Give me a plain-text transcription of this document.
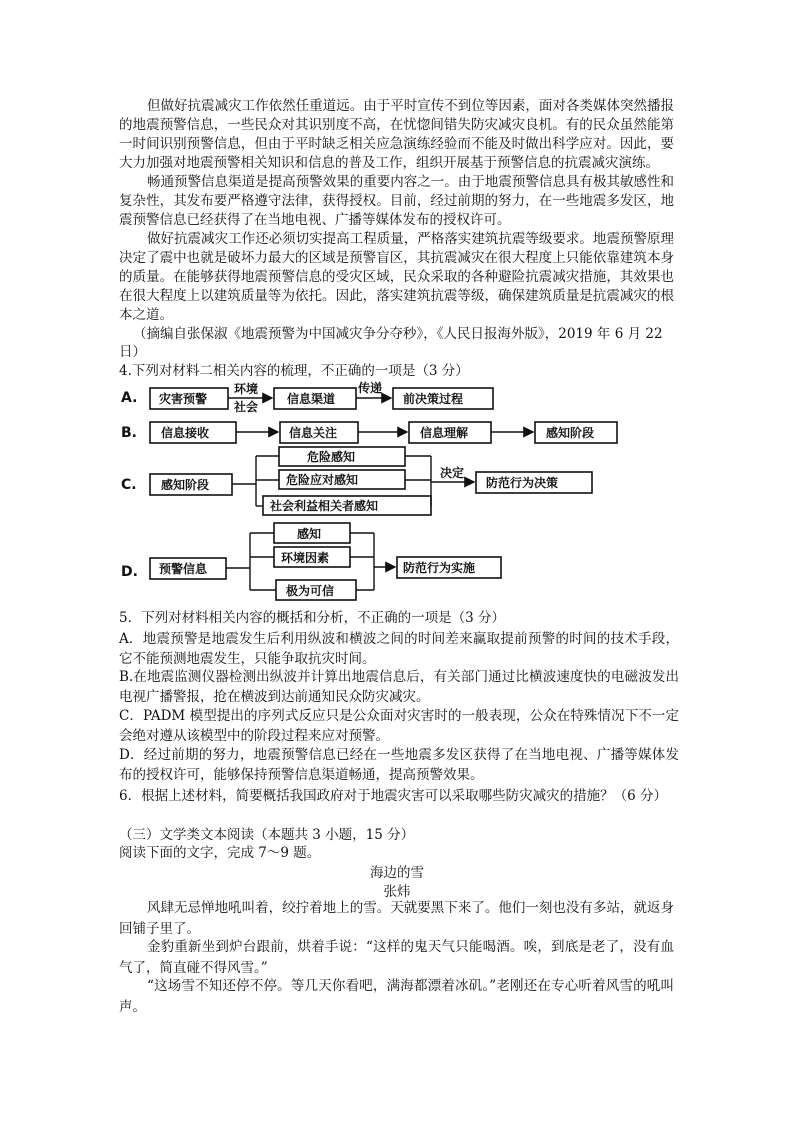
但做好抗震减灾工作依然任重道远。由于平时宣传不到位等因素，面对各类媒体突然播报的地震预警信息，一些民众对其识别度不高，在忧惚间错失防灾减灾良机。有的民众虽然能第一时间识别预警信息，但由于平时缺乏相关应急演练经验而不能及时做出科学应对。因此，要大力加强对地震预警相关知识和信息的普及工作，组织开展基于预警信息的抗震减灾演练。

畅通预警信息渠道是提高预警效果的重要内容之一。由于地震预警信息具有极其敏感性和复杂性，其发布要严格遵守法律，获得授权。目前，经过前期的努力，在一些地震多发区，地震预警信息已经获得了在当地电视、广播等媒体发布的授权许可。

做好抗震减灾工作还必须切实提高工程质量，严格落实建筑抗震等级要求。地震预警原理决定了震中也就是破坏力最大的区域是预警盲区，其抗震减灾在很大程度上只能依靠建筑本身的质量。在能够获得地震预警信息的受灾区域，民众采取的各种避险抗震减灾措施，其效果也在很大程度上以建筑质量等为依托。因此，落实建筑抗震等级，确保建筑质量是抗震减灾的根本之道。

（摘编自张保淑《地震预警为中国减灾争分夺秒》，《人民日报海外版》，2019 年 6 月 22
日）
4.下列对材料二相关内容的梳理，不正确的一项是（3 分）
A. 灾害预警
环境
社会
信息渠道
传递
前决策过程
B. 信息接收	信息关注	信息理解	感知阶段
C. 感知阶段
危险感知
危险应对感知
社会利益相关者感知
决定
防范行为决策
D. 预警信息
感知
环境因素
极为可信
防范行为实施
5．下列对材料相关内容的概括和分析，不正确的一项是（3 分）

A．地震预警是地震发生后利用纵波和横波之间的时间差来赢取提前预警的时间的技术手段，它不能预测地震发生，只能争取抗灾时间。

B.在地震监测仪器检测出纵波并计算出地震信息后，有关部门通过比横波速度快的电磁波发出电视广播警报，抢在横波到达前通知民众防灾减灾。

C．PADM 模型提出的序列式反应只是公众面对灾害时的一般表现，公众在特殊情况下不一定会绝对遵从该模型中的阶段过程来应对预警。

D．经过前期的努力，地震预警信息已经在一些地震多发区获得了在当地电视、广播等媒体发布的授权许可，能够保持预警信息渠道畅通，提高预警效果。

6．根据上述材料，简要概括我国政府对于地震灾害可以采取哪些防灾减灾的措施？（6 分）
（三）文学类文本阅读（本题共 3 小题，15 分）
阅读下面的文字，完成 7～9 题。
海边的雪
张炜

风肆无忌惮地吼叫着，绞拧着地上的雪。天就要黑下来了。他们一刻也没有多站，就返身回铺子里了。

金豹重新坐到炉台跟前，烘着手说：“这样的鬼天气只能喝酒。唉，到底是老了，没有血气了，简直碰不得风雪。”

“这场雪不知还停不停。等几天你看吧，满海都漂着冰矶。”老刚还在专心听着风雪的吼叫声。
